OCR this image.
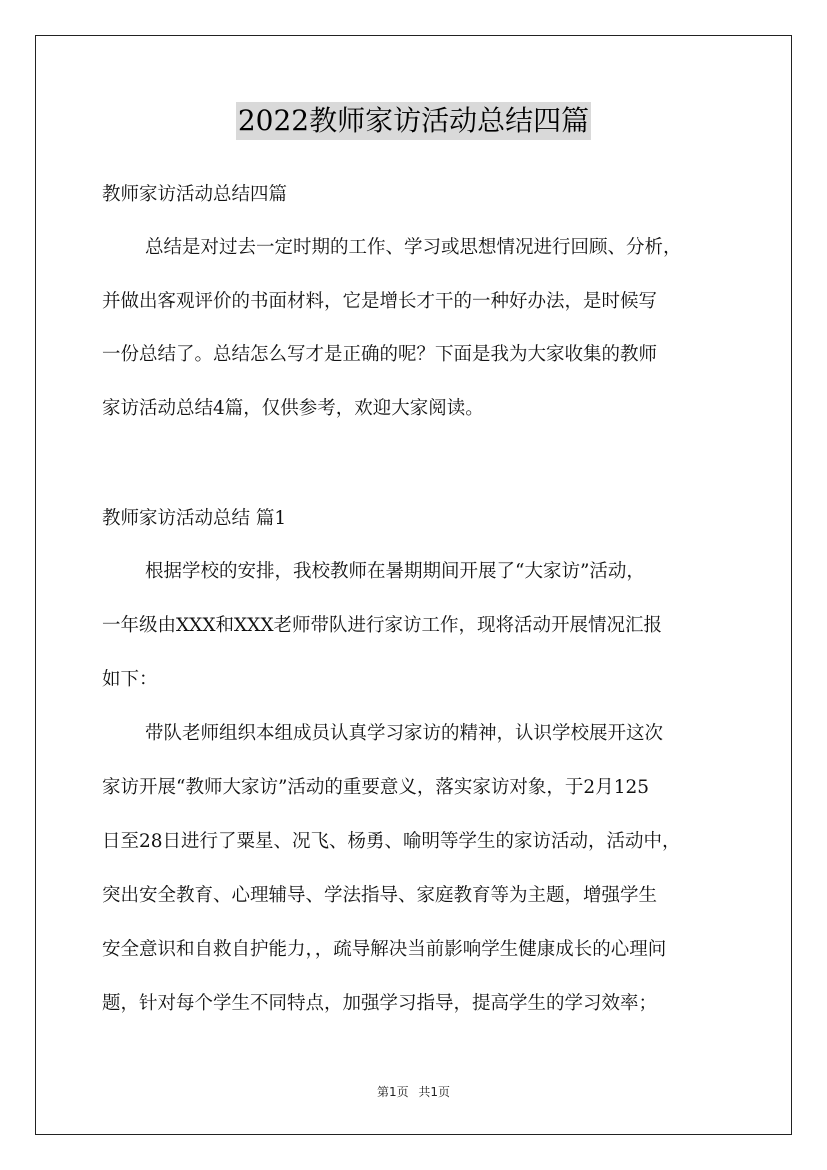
2022教师家访活动总结四篇
教师家访活动总结四篇
总结是对过去一定时期的工作、学习或思想情况进行回顾、分析，
并做出客观评价的书面材料，它是增长才干的一种好办法，是时候写
一份总结了。总结怎么写才是正确的呢？下面是我为大家收集的教师
家访活动总结4篇，仅供参考，欢迎大家阅读。
教师家访活动总结 篇1
根据学校的安排，我校教师在暑期期间开展了“大家访”活动，
一年级由XXX和XXX老师带队进行家访工作，现将活动开展情况汇报
如下：
带队老师组织本组成员认真学习家访的精神，认识学校展开这次
家访开展“教师大家访”活动的重要意义，落实家访对象，于2月125
日至28日进行了粟星、况飞、杨勇、喻明等学生的家访活动，活动中，
突出安全教育、心理辅导、学法指导、家庭教育等为主题，增强学生
安全意识和自救自护能力，，疏导解决当前影响学生健康成长的心理问
题，针对每个学生不同特点，加强学习指导，提高学生的学习效率；
第1页 共1页
